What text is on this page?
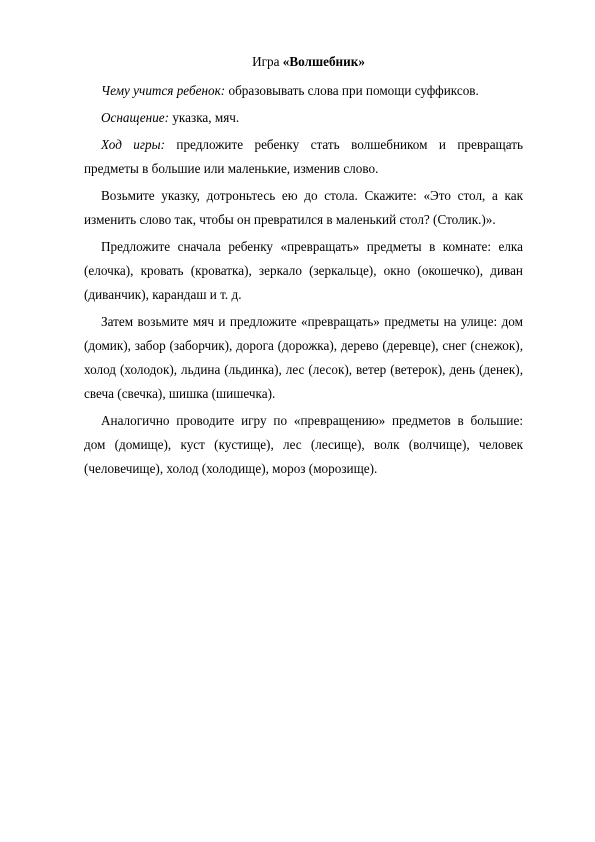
Игра «Волшебник»

Чему учится ребенок: образовывать слова при помощи суффиксов.

Оснащение: указка, мяч.

Ход игры: предложите ребенку стать волшебником и превращать предметы в большие или маленькие, изменив слово.

Возьмите указку, дотроньтесь ею до стола. Скажите: «Это стол, а как изменить слово так, чтобы он превратился в маленький стол? (Столик.)».

Предложите сначала ребенку «превращать» предметы в комнате: елка (елочка), кровать (кроватка), зеркало (зеркальце), окно (окошечко), диван (диванчик), карандаш и т. д.

Затем возьмите мяч и предложите «превращать» предметы на улице: дом (домик), забор (заборчик), дорога (дорожка), дерево (деревце), снег (снежок), холод (холодок), льдина (льдинка), лес (лесок), ветер (ветерок), день (денек), свеча (свечка), шишка (шишечка).

Аналогично проводите игру по «превращению» предметов в большие: дом (домище), куст (кустище), лес (лесище), волк (волчище), человек (человечище), холод (холодище), мороз (морозище).
